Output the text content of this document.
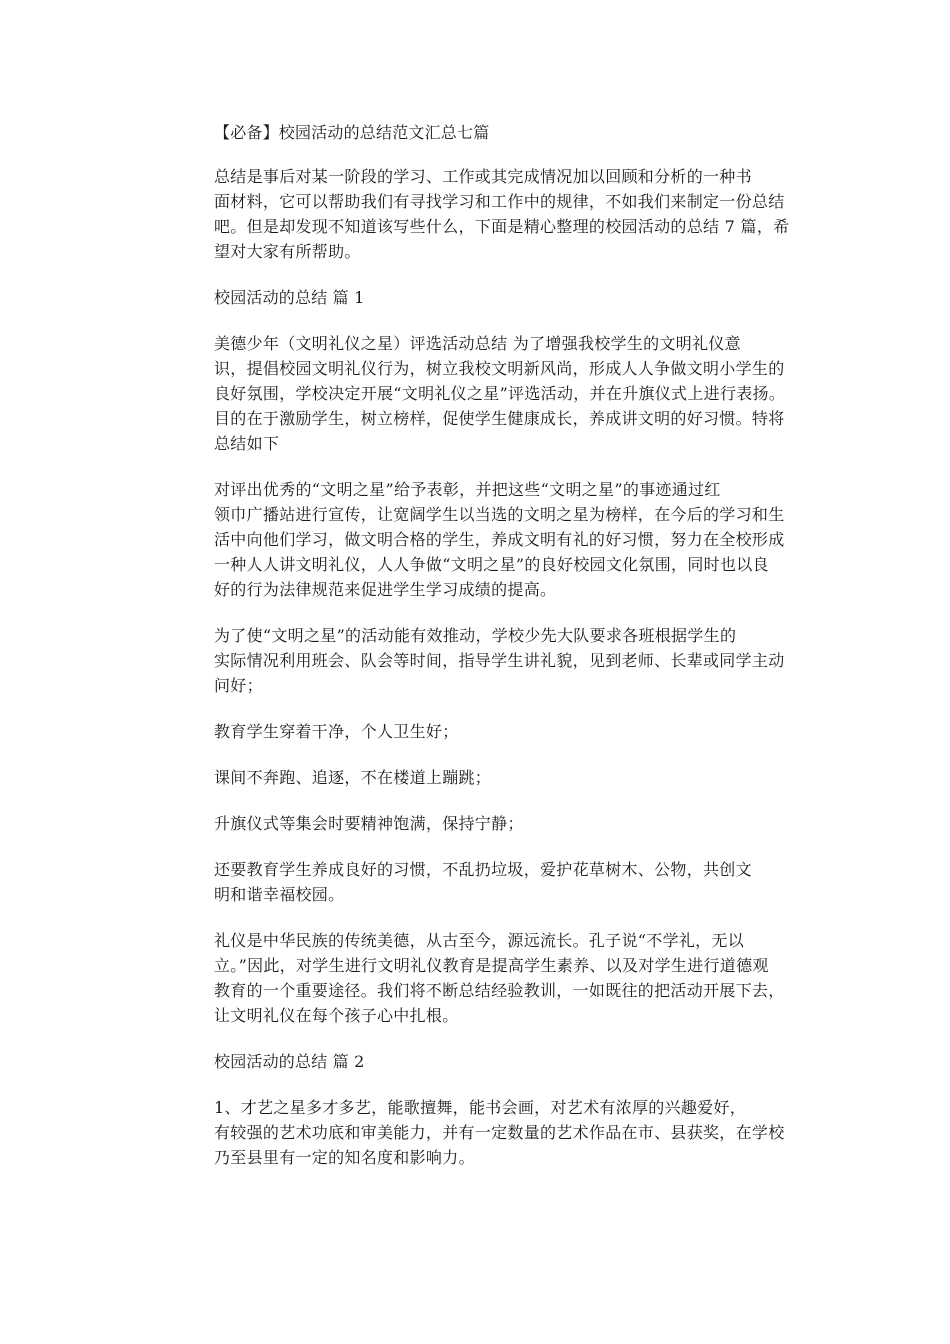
【必备】校园活动的总结范文汇总七篇

总结是事后对某一阶段的学习、工作或其完成情况加以回顾和分析的一种书
面材料，它可以帮助我们有寻找学习和工作中的规律，不如我们来制定一份总结
吧。但是却发现不知道该写些什么，下面是精心整理的校园活动的总结 7 篇，希
望对大家有所帮助。

校园活动的总结 篇 1

美德少年（文明礼仪之星）评选活动总结 为了增强我校学生的文明礼仪意
识，提倡校园文明礼仪行为，树立我校文明新风尚，形成人人争做文明小学生的
良好氛围，学校决定开展“文明礼仪之星”评选活动，并在升旗仪式上进行表扬。
目的在于激励学生，树立榜样，促使学生健康成长，养成讲文明的好习惯。特将
总结如下

对评出优秀的“文明之星”给予表彰，并把这些“文明之星”的事迹通过红
领巾广播站进行宣传，让宽阔学生以当选的文明之星为榜样，在今后的学习和生
活中向他们学习，做文明合格的学生，养成文明有礼的好习惯，努力在全校形成
一种人人讲文明礼仪，人人争做“文明之星”的良好校园文化氛围，同时也以良
好的行为法律规范来促进学生学习成绩的提高。

为了使“文明之星”的活动能有效推动，学校少先大队要求各班根据学生的
实际情况利用班会、队会等时间，指导学生讲礼貌，见到老师、长辈或同学主动
问好；

教育学生穿着干净，个人卫生好；

课间不奔跑、追逐，不在楼道上蹦跳；

升旗仪式等集会时要精神饱满，保持宁静；

还要教育学生养成良好的习惯，不乱扔垃圾，爱护花草树木、公物，共创文
明和谐幸福校园。

礼仪是中华民族的传统美德，从古至今，源远流长。孔子说“不学礼，无以
立。”因此，对学生进行文明礼仪教育是提高学生素养、以及对学生进行道德观
教育的一个重要途径。我们将不断总结经验教训，一如既往的把活动开展下去，
让文明礼仪在每个孩子心中扎根。

校园活动的总结 篇 2

1、才艺之星多才多艺，能歌擅舞，能书会画，对艺术有浓厚的兴趣爱好，
有较强的艺术功底和审美能力，并有一定数量的艺术作品在市、县获奖，在学校
乃至县里有一定的知名度和影响力。
